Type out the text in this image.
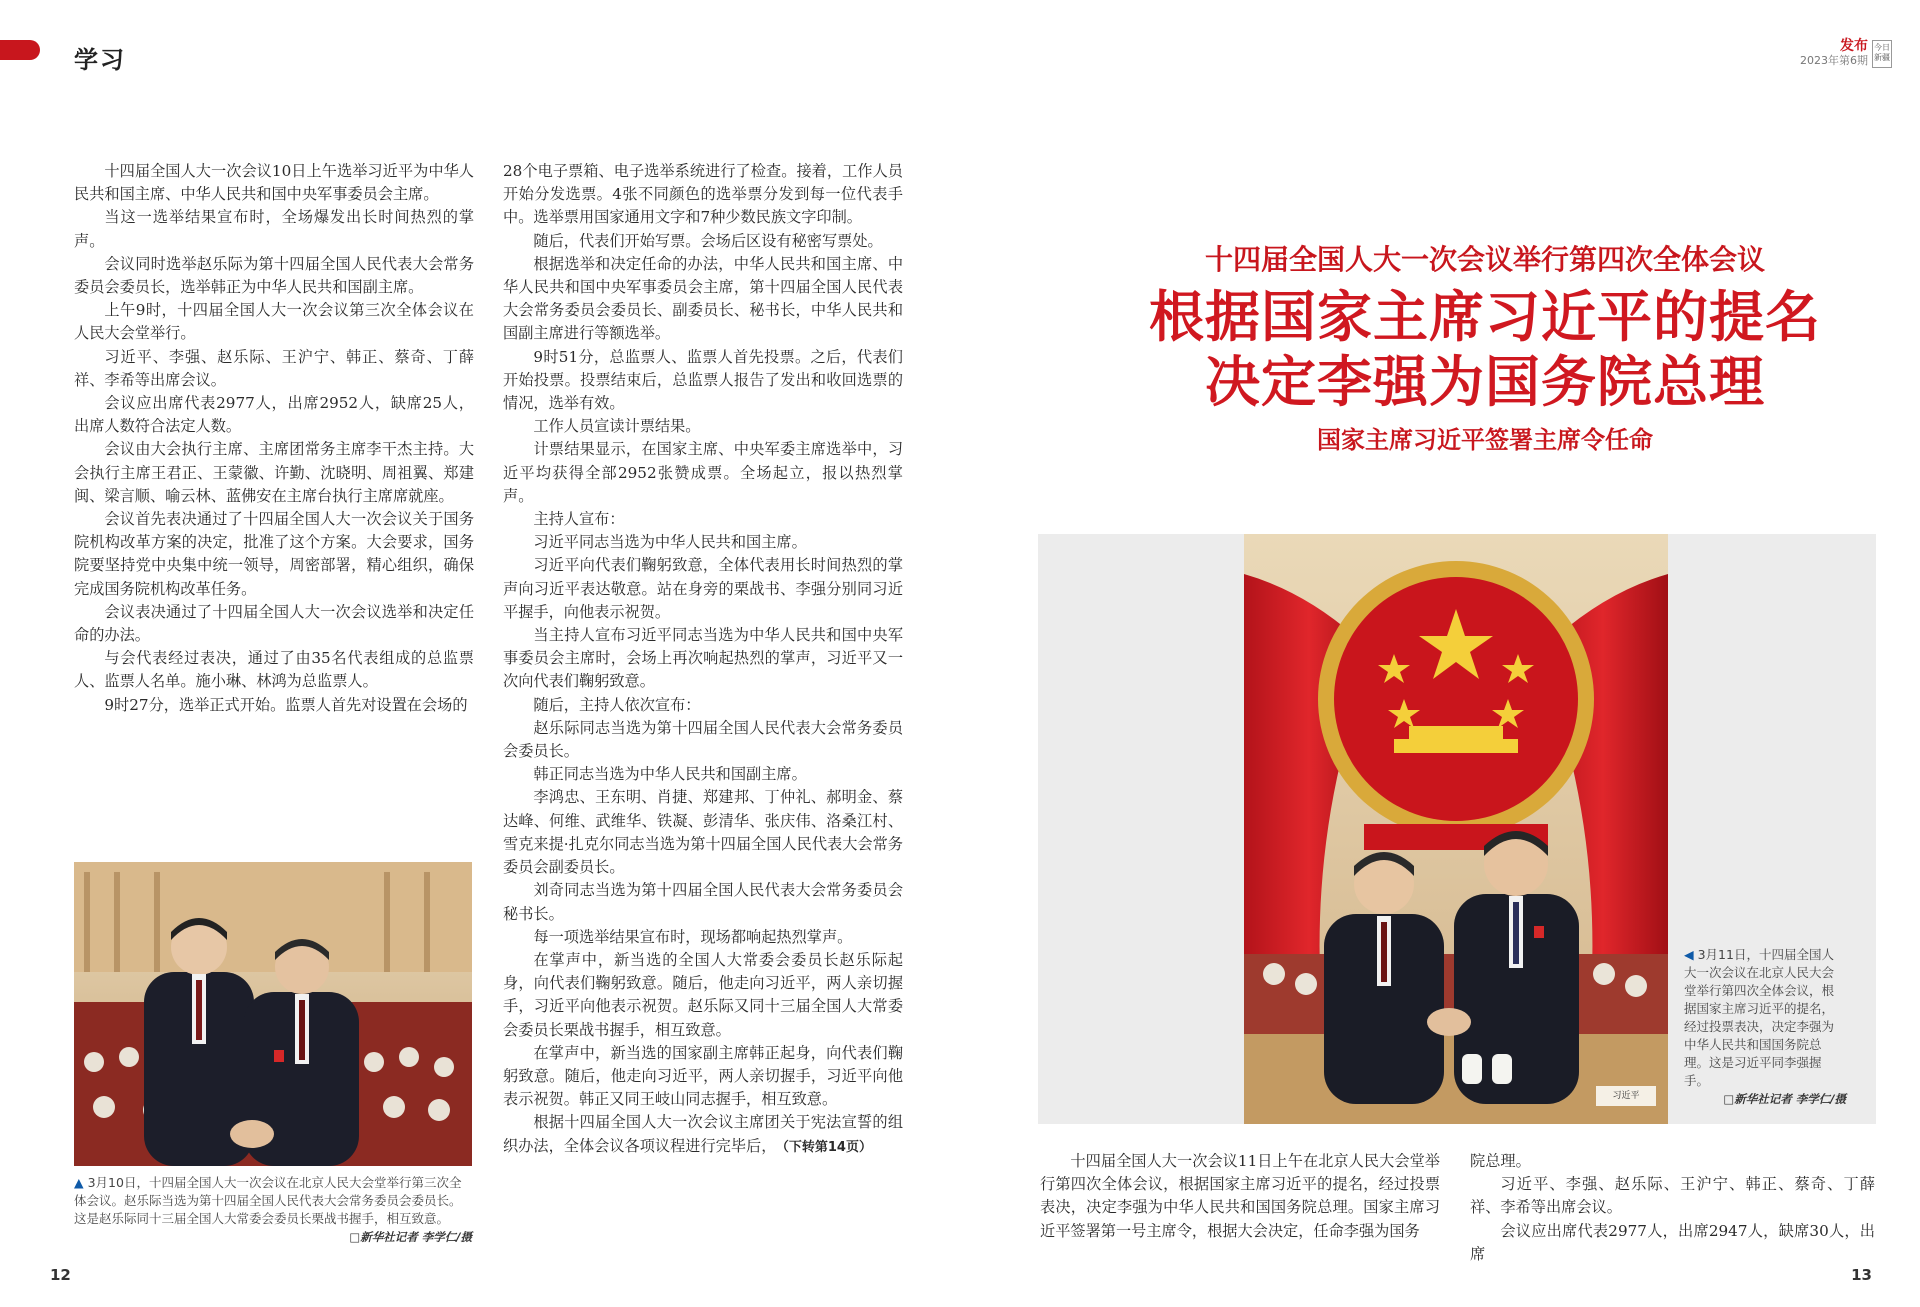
学习	发布
2023年第6期
今日新疆

十四届全国人大一次会议10日上午选举习近平为中华人民共和国主席、中华人民共和国中央军事委员会主席。

当这一选举结果宣布时，全场爆发出长时间热烈的掌声。

会议同时选举赵乐际为第十四届全国人民代表大会常务委员会委员长，选举韩正为中华人民共和国副主席。

上午9时，十四届全国人大一次会议第三次全体会议在人民大会堂举行。

习近平、李强、赵乐际、王沪宁、韩正、蔡奇、丁薛祥、李希等出席会议。

会议应出席代表2977人，出席2952人，缺席25人，出席人数符合法定人数。

会议由大会执行主席、主席团常务主席李干杰主持。大会执行主席王君正、王蒙徽、许勤、沈晓明、周祖翼、郑建闽、梁言顺、喻云林、蓝佛安在主席台执行主席席就座。

会议首先表决通过了十四届全国人大一次会议关于国务院机构改革方案的决定，批准了这个方案。大会要求，国务院要坚持党中央集中统一领导，周密部署，精心组织，确保完成国务院机构改革任务。

会议表决通过了十四届全国人大一次会议选举和决定任命的办法。

与会代表经过表决，通过了由35名代表组成的总监票人、监票人名单。施小琳、林鸿为总监票人。

9时27分，选举正式开始。监票人首先对设置在会场的

▲ 3月10日，十四届全国人大一次会议在北京人民大会堂举行第三次全体会议。赵乐际当选为第十四届全国人民代表大会常务委员会委员长。这是赵乐际同十三届全国人大常委会委员长栗战书握手，相互致意。
□新华社记者 李学仁/摄

28个电子票箱、电子选举系统进行了检查。接着，工作人员开始分发选票。4张不同颜色的选举票分发到每一位代表手中。选举票用国家通用文字和7种少数民族文字印制。

随后，代表们开始写票。会场后区设有秘密写票处。

根据选举和决定任命的办法，中华人民共和国主席、中华人民共和国中央军事委员会主席，第十四届全国人民代表大会常务委员会委员长、副委员长、秘书长，中华人民共和国副主席进行等额选举。

9时51分，总监票人、监票人首先投票。之后，代表们开始投票。投票结束后，总监票人报告了发出和收回选票的情况，选举有效。

工作人员宣读计票结果。

计票结果显示，在国家主席、中央军委主席选举中，习近平均获得全部2952张赞成票。全场起立，报以热烈掌声。

主持人宣布：

习近平同志当选为中华人民共和国主席。

习近平向代表们鞠躬致意，全体代表用长时间热烈的掌声向习近平表达敬意。站在身旁的栗战书、李强分别同习近平握手，向他表示祝贺。

当主持人宣布习近平同志当选为中华人民共和国中央军事委员会主席时，会场上再次响起热烈的掌声，习近平又一次向代表们鞠躬致意。

随后，主持人依次宣布：

赵乐际同志当选为第十四届全国人民代表大会常务委员会委员长。

韩正同志当选为中华人民共和国副主席。

李鸿忠、王东明、肖捷、郑建邦、丁仲礼、郝明金、蔡达峰、何维、武维华、铁凝、彭清华、张庆伟、洛桑江村、雪克来提·扎克尔同志当选为第十四届全国人民代表大会常务委员会副委员长。

刘奇同志当选为第十四届全国人民代表大会常务委员会秘书长。

每一项选举结果宣布时，现场都响起热烈掌声。

在掌声中，新当选的全国人大常委会委员长赵乐际起身，向代表们鞠躬致意。随后，他走向习近平，两人亲切握手，习近平向他表示祝贺。赵乐际又同十三届全国人大常委会委员长栗战书握手，相互致意。

在掌声中，新当选的国家副主席韩正起身，向代表们鞠躬致意。随后，他走向习近平，两人亲切握手，习近平向他表示祝贺。韩正又同王岐山同志握手，相互致意。

根据十四届全国人大一次会议主席团关于宪法宣誓的组织办法，全体会议各项议程进行完毕后， （下转第14页）

12
十四届全国人大一次会议举行第四次全体会议
根据国家主席习近平的提名
决定李强为国务院总理
国家主席习近平签署主席令任命
习近平
◀ 3月11日，十四届全国人大一次会议在北京人民大会堂举行第四次全体会议，根据国家主席习近平的提名，经过投票表决，决定李强为中华人民共和国国务院总理。这是习近平同李强握手。
□新华社记者 李学仁/摄

十四届全国人大一次会议11日上午在北京人民大会堂举行第四次全体会议，根据国家主席习近平的提名，经过投票表决，决定李强为中华人民共和国国务院总理。国家主席习近平签署第一号主席令，根据大会决定，任命李强为国务

院总理。

习近平、李强、赵乐际、王沪宁、韩正、蔡奇、丁薛祥、李希等出席会议。

会议应出席代表2977人，出席2947人，缺席30人，出席

13
